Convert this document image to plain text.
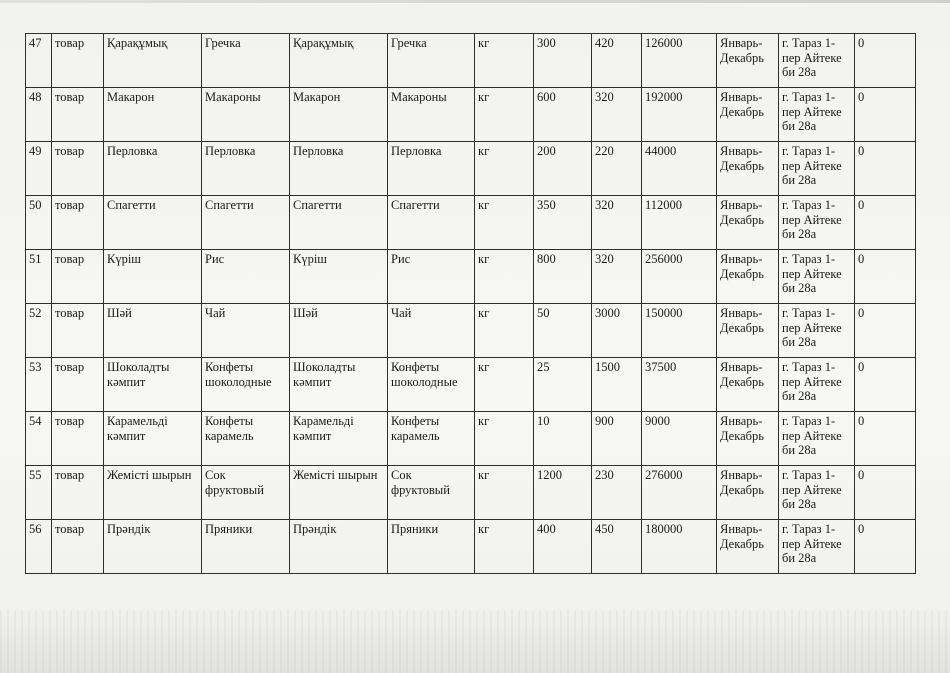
47	товар	Қарақұмық	Гречка	Қарақұмық	Гречка	кг	300	420	126000	Январь-Декабрь	г. Тараз 1-пер Айтеке би 28а	0
48	товар	Макарон	Макароны	Макарон	Макароны	кг	600	320	192000	Январь-Декабрь	г. Тараз 1-пер Айтеке би 28а	0
49	товар	Перловка	Перловка	Перловка	Перловка	кг	200	220	44000	Январь-Декабрь	г. Тараз 1-пер Айтеке би 28а	0
50	товар	Спагетти	Спагетти	Спагетти	Спагетти	кг	350	320	112000	Январь-Декабрь	г. Тараз 1-пер Айтеке би 28а	0
51	товар	Күріш	Рис	Күріш	Рис	кг	800	320	256000	Январь-Декабрь	г. Тараз 1-пер Айтеке би 28а	0
52	товар	Шәй	Чай	Шәй	Чай	кг	50	3000	150000	Январь-Декабрь	г. Тараз 1-пер Айтеке би 28а	0
53	товар	Шоколадты кәмпит	Конфеты шоколодные	Шоколадты кәмпит	Конфеты шоколодные	кг	25	1500	37500	Январь-Декабрь	г. Тараз 1-пер Айтеке би 28а	0
54	товар	Карамельді кәмпит	Конфеты карамель	Карамельді кәмпит	Конфеты карамель	кг	10	900	9000	Январь-Декабрь	г. Тараз 1-пер Айтеке би 28а	0
55	товар	Жемісті шырын	Сок фруктовый	Жемісті шырын	Сок фруктовый	кг	1200	230	276000	Январь-Декабрь	г. Тараз 1-пер Айтеке би 28а	0
56	товар	Прәндік	Пряники	Прәндік	Пряники	кг	400	450	180000	Январь-Декабрь	г. Тараз 1-пер Айтеке би 28а	0
